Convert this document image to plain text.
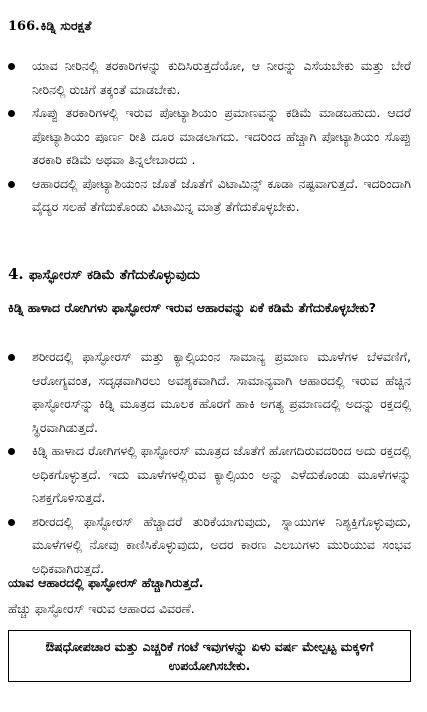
166. ಕಿಡ್ನಿ ಸುರಕ್ಷತೆ
ಯಾವ ನೀರಿನಲ್ಲಿ ತರಕಾರಿಗಳನ್ನು ಕುದಿಸಿರುತ್ತದೆಯೋ, ಆ ನೀರನ್ನು ಎಸೆಯಬೇಕು ಮತ್ತು ಬೇರೆ ನೀರಿನಲ್ಲಿ ರುಚಿಗೆ ತಕ್ಕಂತೆ ಮಾಡಬೇಕು.
ಸೊಪ್ಪು ತರಕಾರಿಗಳಲ್ಲಿ ಇರುವ ಪೋಟ್ಯಾಶಿಯಂ ಪ್ರಮಾಣವನ್ನು ಕಡಿಮೆ ಮಾಡಬಹುದು. ಆದರೆ ಪೋಟ್ಯಾಶಿಯಂ ಪೂರ್ಣ ರೀತಿ ದೂರ ಮಾಡಲಾಗದು. ಇದರಿಂದ ಹೆಚ್ಚಾಗಿ ಪೋಟ್ಯಾಶಿಯಂ ಸೊಪ್ಪು ತರಕಾರಿ ಕಡಿಮೆ ಅಥವಾ ತಿನ್ನಲೇಬಾರದು .
ಆಹಾರದಲ್ಲಿ ಪೋಟ್ಯಾಶಿಯಂನ ಜೊತೆ ಜೊತೆಗೆ ವಿಟಾಮಿನ್ಸ್ ಕೂಡಾ ನಷ್ಟವಾಗುತ್ತದೆ. ಇದರಿಂದಾಗಿ ವೈದ್ಯರ ಸಲಹೆ ತೆಗೆದುಕೊಂಡು ವಿಟಾಮಿನ್ನ ಮಾತ್ರೆ ತೆಗೆದುಕೊಳ್ಳಬೇಕು.
4. ಫಾಸ್ಫೋರಸ್ ಕಡಿಮೆ ತೆಗೆದುಕೊಳ್ಳುವುದು
ಕಿಡ್ನಿ ಹಾಳಾದ ರೋಗಿಗಳು ಫಾಸ್ಫೋರಸ್ ಇರುವ ಆಹಾರವನ್ನು ಏಕೆ ಕಡಿಮೆ ತೆಗೆದುಕೊಳ್ಳಬೇಕು?
ಶರೀರದಲ್ಲಿ ಫಾಸ್ಫೋರಸ್ ಮತ್ತು ಕ್ಯಾಲ್ಸಿಯಂನ ಸಾಮಾನ್ಯ ಪ್ರಮಾಣ ಮೂಳೆಗಳ ಬೆಳವಣಿಗೆ, ಆರೋಗ್ಯವಂತ, ಸದೃಢವಾಗಿರಲು ಅವಶ್ಯಕವಾಗಿದೆ. ಸಾಮಾನ್ಯವಾಗಿ ಆಹಾರದಲ್ಲಿ ಇರುವ ಹೆಚ್ಚಿನ ಫಾಸ್ಫೋರಸ್‍ನ್ನು ಕಿಡ್ನಿ ಮೂತ್ರದ ಮೂಲಕ ಹೊರಗೆ ಹಾಕಿ ಅಗತ್ಯ ಪ್ರಮಾಣದಲ್ಲಿ ಅದನ್ನು ರಕ್ತದಲ್ಲಿ ಸ್ಥಿರವಾಗಿಡುತ್ತದೆ.
ಕಿಡ್ನಿ ಹಾಳಾದ ರೋಗಿಗಳಲ್ಲಿ ಫಾಸ್ಫೋರಸ್ ಮೂತ್ರದ ಜೊತೆಗೆ ಹೋಗದಿರುವದರಿಂದ ಅದು ರಕ್ತದಲ್ಲಿ ಅಧಿಕಗೊಳ್ಳುತ್ತದೆ. ಇದು ಮೂಳೆಗಳಲ್ಲಿರುವ ಕ್ಯಾಲ್ಸಿಯಂ ಅನ್ನು ಎಳೆದುಕೊಂಡು ಮೂಳೆಗಳನ್ನು ನಿಶಕ್ತಗೊಳಿಸುತ್ತದೆ.
ಶರೀರದಲ್ಲಿ ಫಾಸ್ಫೋರಸ್ ಹೆಚ್ಚಾದರೆ ತುರಿಕೆಯಾಗುವುದು, ಸ್ನಾಯುಗಳ ನಿಶ್ಯಕ್ತಿಗೊಳ್ಳುವುದು, ಮೂಳೆಗಳಲ್ಲಿ ನೋವು ಕಾಣಿಸಿಕೊಳ್ಳುವುದು, ಅದರ ಕಾರಣ ಎಲಬುಗಳು ಮುರಿಯುವ ಸಂಭವ ಅಧಿಕವಾಗಿರುತ್ತದೆ.
ಯಾವ ಆಹಾರದಲ್ಲಿ ಫಾಸ್ಫೋರಸ್ ಹೆಚ್ಚಾಗಿರುತ್ತದೆ.
ಹೆಚ್ಚು ಫಾಸ್ಫೋರಸ್ ಇರುವ ಆಹಾರದ ವಿವರಣೆ.
ಔಷಧೋಪಚಾರ ಮತ್ತು ಎಚ್ಚರಿಕೆ ಗಂಟೆ ಇವುಗಳನ್ನು ಏಳು ವರ್ಷ ಮೇಲ್ಪಟ್ಟ ಮಕ್ಕಳಿಗೆ ಉಪಯೋಗಿಸಬೇಕು.
